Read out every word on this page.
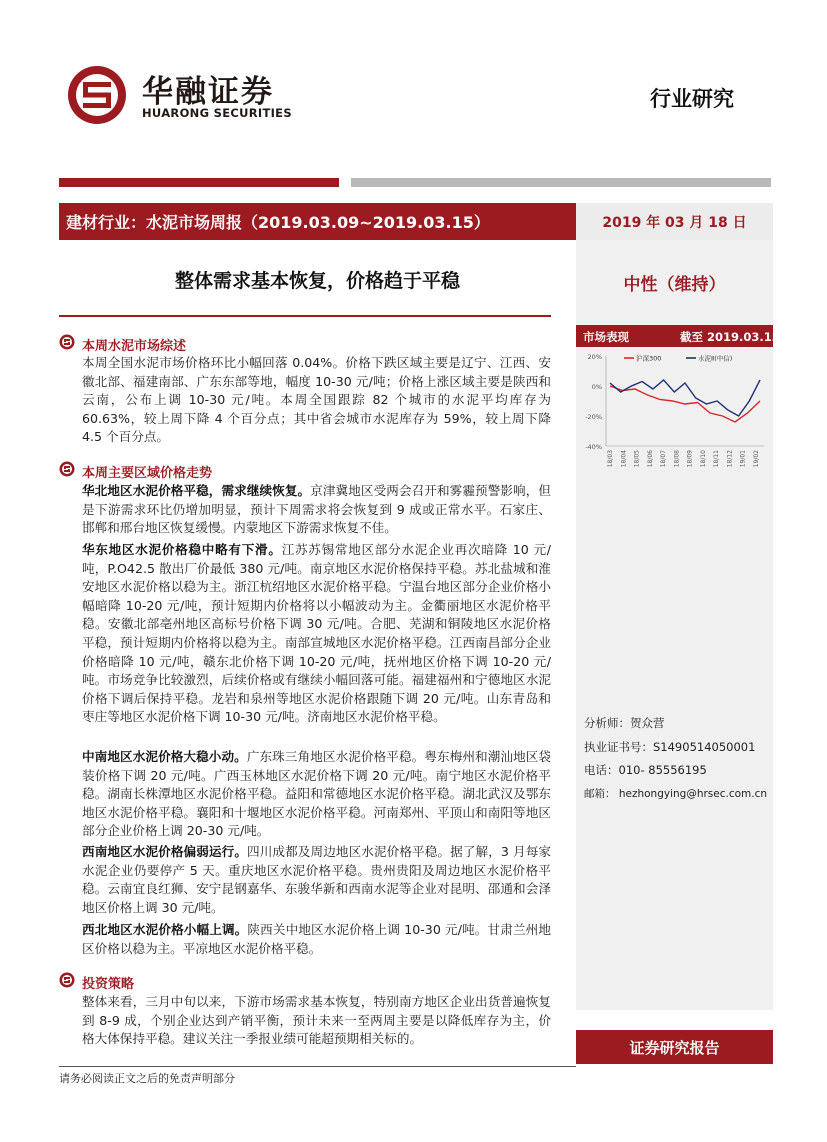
华融证券
HUARONG SECURITIES
行业研究
建材行业：水泥市场周报（2019.03.09~2019.03.15）	2019 年 03 月 18 日
整体需求基本恢复，价格趋于平稳	中性（维持）
本周水泥市场综述
本周全国水泥市场价格环比小幅回落 0.04%。价格下跌区域主要是辽宁、江西、安徽北部、福建南部、广东东部等地，幅度 10-30 元/吨；价格上涨区域主要是陕西和云南，公布上调 10-30 元/吨。本周全国跟踪 82 个城市的水泥平均库存为 60.63%，较上周下降 4 个百分点；其中省会城市水泥库存为 59%，较上周下降 4.5 个百分点。
本周主要区域价格走势
华北地区水泥价格平稳，需求继续恢复。京津冀地区受两会召开和雾霾预警影响，但是下游需求环比仍增加明显，预计下周需求将会恢复到 9 成或正常水平。石家庄、邯郸和邢台地区恢复缓慢。内蒙地区下游需求恢复不佳。
华东地区水泥价格稳中略有下滑。江苏苏锡常地区部分水泥企业再次暗降 10 元/吨，P.O42.5 散出厂价最低 380 元/吨。南京地区水泥价格保持平稳。苏北盐城和淮安地区水泥价格以稳为主。浙江杭绍地区水泥价格平稳。宁温台地区部分企业价格小幅暗降 10-20 元/吨，预计短期内价格将以小幅波动为主。金衢丽地区水泥价格平稳。安徽北部亳州地区高标号价格下调 30 元/吨。合肥、芜湖和铜陵地区水泥价格平稳，预计短期内价格将以稳为主。南部宣城地区水泥价格平稳。江西南昌部分企业价格暗降 10 元/吨，赣东北价格下调 10-20 元/吨，抚州地区价格下调 10-20 元/吨。市场竞争比较激烈，后续价格或有继续小幅回落可能。福建福州和宁德地区水泥价格下调后保持平稳。龙岩和泉州等地区水泥价格跟随下调 20 元/吨。山东青岛和枣庄等地区水泥价格下调 10-30 元/吨。济南地区水泥价格平稳。
中南地区水泥价格大稳小动。广东珠三角地区水泥价格平稳。粤东梅州和潮汕地区袋装价格下调 20 元/吨。广西玉林地区水泥价格下调 20 元/吨。南宁地区水泥价格平稳。湖南长株潭地区水泥价格平稳。益阳和常德地区水泥价格平稳。湖北武汉及鄂东地区水泥价格平稳。襄阳和十堰地区水泥价格平稳。河南郑州、平顶山和南阳等地区部分企业价格上调 20-30 元/吨。
西南地区水泥价格偏弱运行。四川成都及周边地区水泥价格平稳。据了解，3 月每家水泥企业仍要停产 5 天。重庆地区水泥价格平稳。贵州贵阳及周边地区水泥价格平稳。云南宜良红狮、安宁昆钢嘉华、东骏华新和西南水泥等企业对昆明、邵通和会泽地区价格上调 30 元/吨。
西北地区水泥价格小幅上调。陕西关中地区水泥价格上调 10-30 元/吨。甘肃兰州地区价格以稳为主。平凉地区水泥价格平稳。
投资策略
整体来看，三月中旬以来，下游市场需求基本恢复，特别南方地区企业出货普遍恢复到 8-9 成，个别企业达到产销平衡，预计未来一至两周主要是以降低库存为主，价格大体保持平稳。建议关注一季报业绩可能超预期相关标的。
市场表现	截至 2019.03.15
20%
0%
-20%
-40%
18/03 18/04 18/05 18/06 18/07 18/08 18/09 18/10 18/11 18/12 19/01 19/02
沪深300	水泥Ⅱ(中信)
分析师：贺众营
执业证书号：S1490514050001
电话：010- 85556195
邮箱： hezhongying@hrsec.com.cn
证券研究报告
请务必阅读正文之后的免责声明部分
